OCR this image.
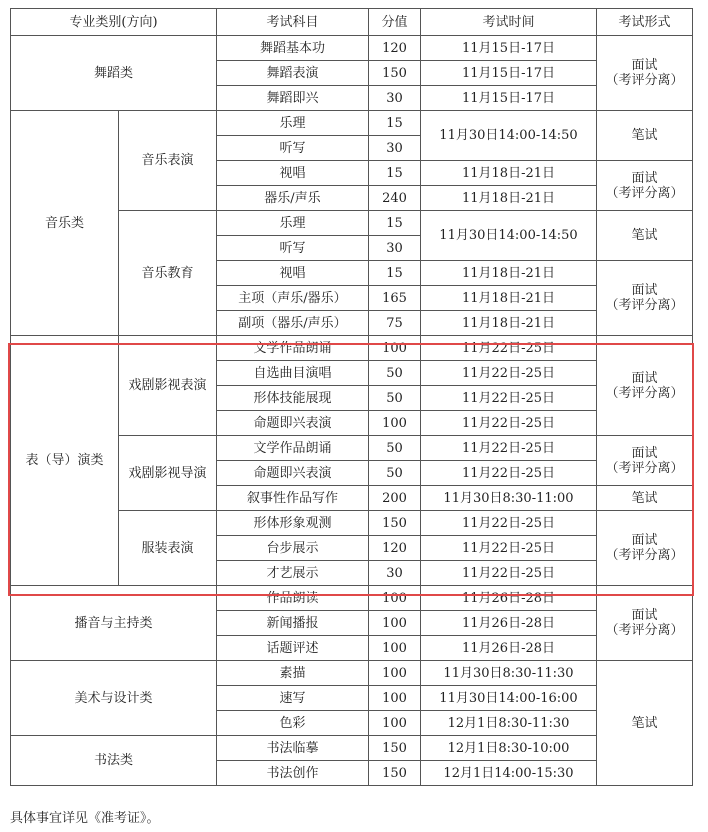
专业类别(方向)		考试科目	分值	考试时间	考试形式
舞蹈类		舞蹈基本功	120	11月15日-17日	面试
（考评分离）
		舞蹈表演	150	11月15日-17日	
		舞蹈即兴	30	11月15日-17日	
音乐类	音乐表演	乐理	15	11月30日14:00-14:50	笔试
		听写	30		
		视唱	15	11月18日-21日	面试
（考评分离）
		器乐/声乐	240	11月18日-21日	
	音乐教育	乐理	15	11月30日14:00-14:50	笔试
		听写	30		
		视唱	15	11月18日-21日	面试
（考评分离）
		主项（声乐/器乐）	165	11月18日-21日	
		副项（器乐/声乐）	75	11月18日-21日	
表（导）演类	戏剧影视表演	文学作品朗诵	100	11月22日-25日	面试
（考评分离）
		自选曲目演唱	50	11月22日-25日	
		形体技能展现	50	11月22日-25日	
		命题即兴表演	100	11月22日-25日	
	戏剧影视导演	文学作品朗诵	50	11月22日-25日	面试
（考评分离）
		命题即兴表演	50	11月22日-25日	
		叙事性作品写作	200	11月30日8:30-11:00	笔试
	服装表演	形体形象观测	150	11月22日-25日	面试
（考评分离）
		台步展示	120	11月22日-25日	
		才艺展示	30	11月22日-25日	
播音与主持类		作品朗读	100	11月26日-28日	面试
（考评分离）
		新闻播报	100	11月26日-28日	
		话题评述	100	11月26日-28日	
美术与设计类		素描	100	11月30日8:30-11:30	笔试
		速写	100	11月30日14:00-16:00	
		色彩	100	12月1日8:30-11:30	
书法类		书法临摹	150	12月1日8:30-10:00	
		书法创作	150	12月1日14:00-15:30	
具体事宜详见《准考证》。
